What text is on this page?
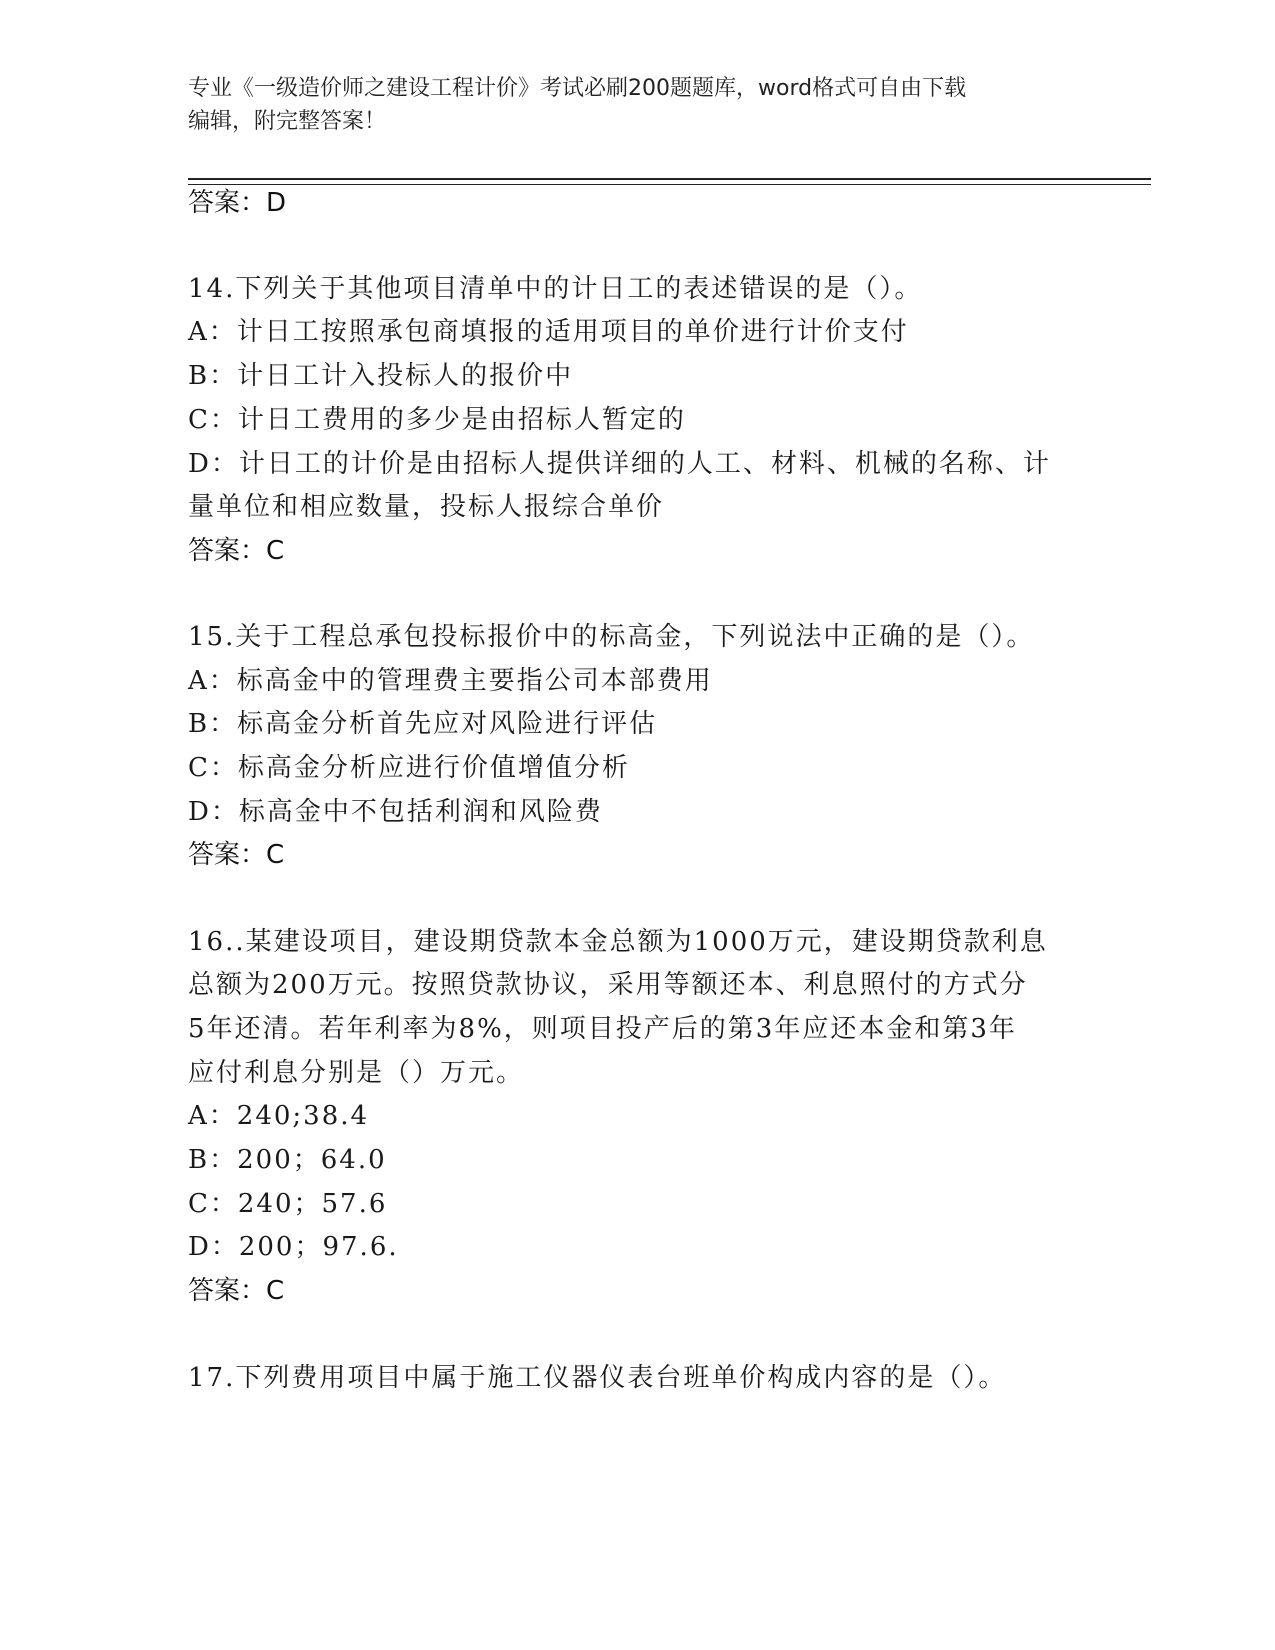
专业《一级造价师之建设工程计价》考试必刷200题题库，word格式可自由下载
编辑，附完整答案！
答案：D
14.下列关于其他项目清单中的计日工的表述错误的是（）。
A：计日工按照承包商填报的适用项目的单价进行计价支付
B：计日工计入投标人的报价中
C：计日工费用的多少是由招标人暂定的
D：计日工的计价是由招标人提供详细的人工、材料、机械的名称、计
量单位和相应数量，投标人报综合单价
答案：C
15.关于工程总承包投标报价中的标高金，下列说法中正确的是（）。
A：标高金中的管理费主要指公司本部费用
B：标高金分析首先应对风险进行评估
C：标高金分析应进行价值增值分析
D：标高金中不包括利润和风险费
答案：C
16..某建设项目，建设期贷款本金总额为1000万元，建设期贷款利息
总额为200万元。按照贷款协议，采用等额还本、利息照付的方式分
5年还清。若年利率为8%，则项目投产后的第3年应还本金和第3年
应付利息分别是（）万元。
A：240;38.4
B：200；64.0
C：240；57.6
D：200；97.6.
答案：C
17.下列费用项目中属于施工仪器仪表台班单价构成内容的是（）。
